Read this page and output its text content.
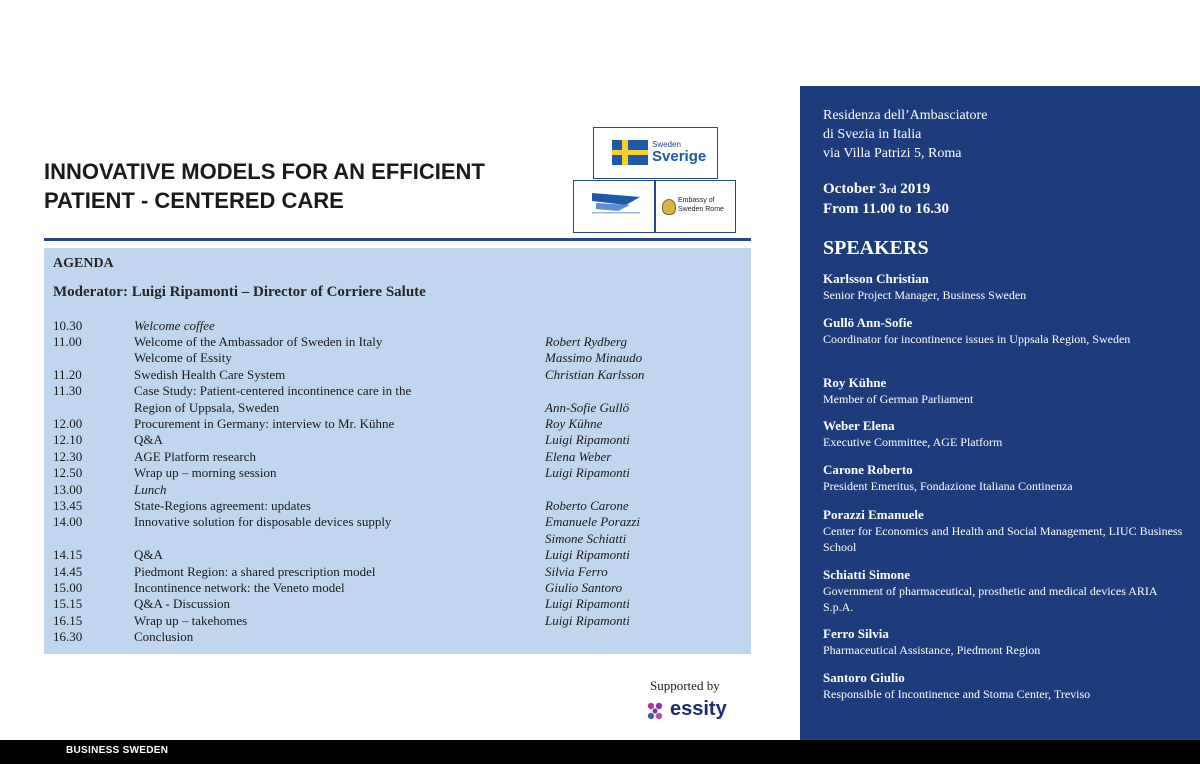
INNOVATIVE MODELS FOR AN EFFICIENT
PATIENT - CENTERED CARE
Sweden
Sverige
Embassy of Sweden Rome
AGENDA
Moderator: Luigi Ripamonti – Director of Corriere Salute
10.30	Welcome coffee
11.00	Welcome of the Ambassador of Sweden in Italy	Robert Rydberg
Welcome of Essity	Massimo Minaudo
11.20	Swedish Health Care System	Christian Karlsson
11.30	Case Study: Patient-centered incontinence care in the
Region of Uppsala, Sweden	Ann-Sofie Gullö
12.00	Procurement in Germany: interview to Mr. Kühne	Roy Kühne
12.10	Q&A	Luigi Ripamonti
12.30	AGE Platform research	Elena Weber
12.50	Wrap up – morning session	Luigi Ripamonti
13.00	Lunch
13.45	State-Regions agreement: updates	Roberto Carone
14.00	Innovative solution for disposable devices supply	Emanuele Porazzi
Simone Schiatti
14.15	Q&A	Luigi Ripamonti
14.45	Piedmont Region: a shared prescription model	Silvia Ferro
15.00	Incontinence network: the Veneto model	Giulio Santoro
15.15	Q&A - Discussion	Luigi Ripamonti
16.15	Wrap up – takehomes	Luigi Ripamonti
16.30	Conclusion
Supported by
essity
Residenza dell’Ambasciatore
di Svezia in Italia
via Villa Patrizi 5, Roma
October 3rd 2019
From 11.00 to 16.30
SPEAKERS
Karlsson Christian
Senior Project Manager, Business Sweden
Gullö Ann-Sofie
Coordinator for incontinence issues in Uppsala Region, Sweden
Roy Kühne
Member of German Parliament
Weber Elena
Executive Committee, AGE Platform
Carone Roberto
President Emeritus, Fondazione Italiana Continenza
Porazzi Emanuele
Center for Economics and Health and Social Management, LIUC Business School
Schiatti Simone
Government of pharmaceutical, prosthetic and medical devices ARIA S.p.A.
Ferro Silvia
Pharmaceutical Assistance, Piedmont Region
Santoro Giulio
Responsible of Incontinence and Stoma Center, Treviso
BUSINESS SWEDEN
